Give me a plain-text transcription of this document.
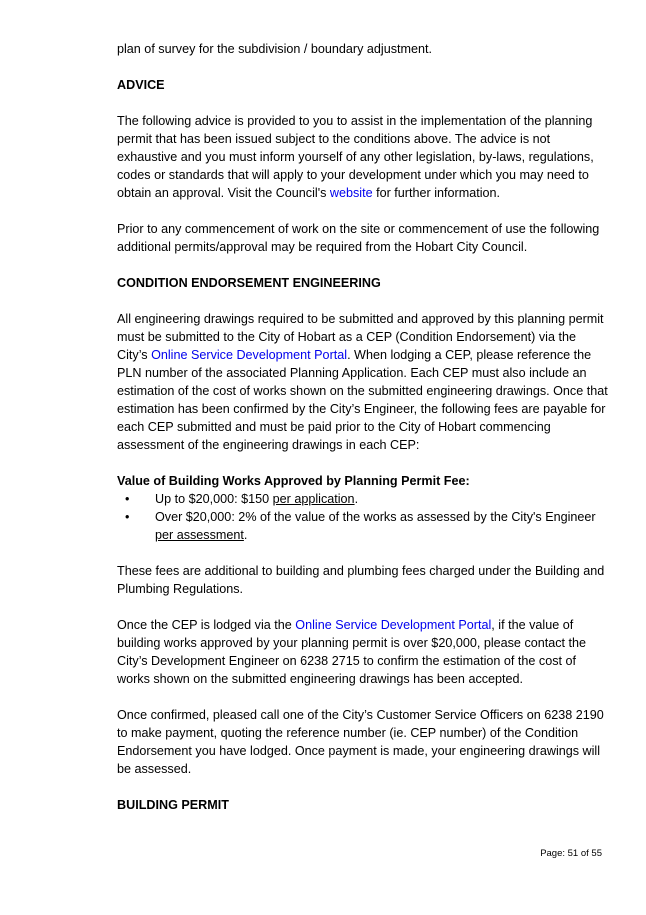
plan of survey for the subdivision / boundary adjustment.

ADVICE

The following advice is provided to you to assist in the implementation of the planning permit that has been issued subject to the conditions above. The advice is not exhaustive and you must inform yourself of any other legislation, by-laws, regulations, codes or standards that will apply to your development under which you may need to obtain an approval. Visit the Council's website for further information.

Prior to any commencement of work on the site or commencement of use the following additional permits/approval may be required from the Hobart City Council.

CONDITION ENDORSEMENT ENGINEERING

All engineering drawings required to be submitted and approved by this planning permit must be submitted to the City of Hobart as a CEP (Condition Endorsement) via the City’s Online Service Development Portal. When lodging a CEP, please reference the PLN number of the associated Planning Application. Each CEP must also include an estimation of the cost of works shown on the submitted engineering drawings. Once that estimation has been confirmed by the City’s Engineer, the following fees are payable for each CEP submitted and must be paid prior to the City of Hobart commencing assessment of the engineering drawings in each CEP:

Value of Building Works Approved by Planning Permit Fee:

• Up to $20,000: $150 per application.
• Over $20,000: 2% of the value of the works as assessed by the City's Engineer per assessment.

These fees are additional to building and plumbing fees charged under the Building and Plumbing Regulations.

Once the CEP is lodged via the Online Service Development Portal, if the value of building works approved by your planning permit is over $20,000, please contact the City’s Development Engineer on 6238 2715 to confirm the estimation of the cost of works shown on the submitted engineering drawings has been accepted.

Once confirmed, pleased call one of the City’s Customer Service Officers on 6238 2190 to make payment, quoting the reference number (ie. CEP number) of the Condition Endorsement you have lodged. Once payment is made, your engineering drawings will be assessed.

BUILDING PERMIT
Page: 51 of 55
